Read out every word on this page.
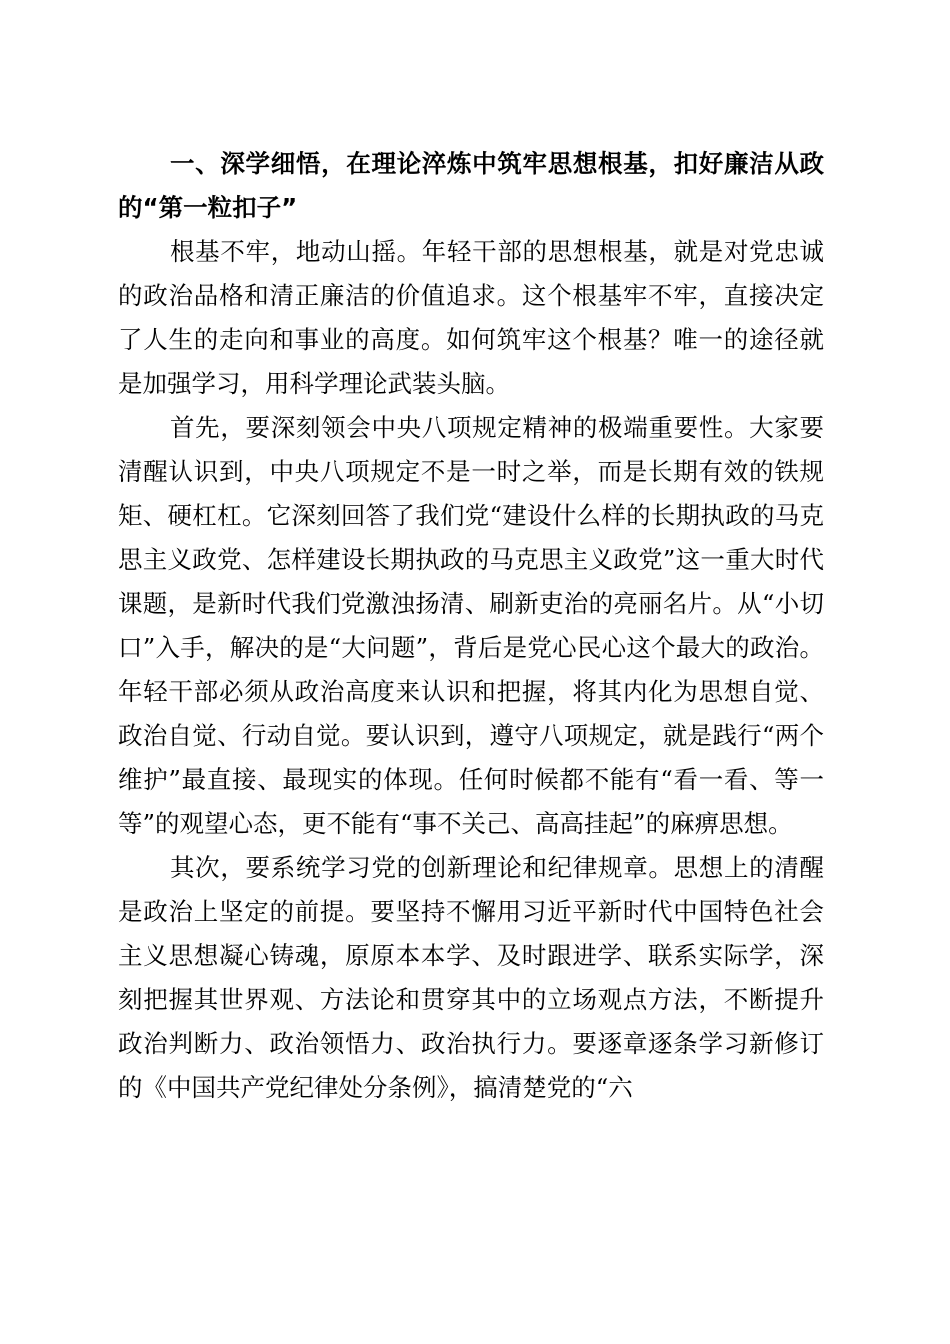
一、深学细悟，在理论淬炼中筑牢思想根基，扣好廉洁从政的“第一粒扣子”

根基不牢，地动山摇。年轻干部的思想根基，就是对党忠诚的政治品格和清正廉洁的价值追求。这个根基牢不牢，直接决定了人生的走向和事业的高度。如何筑牢这个根基？唯一的途径就是加强学习，用科学理论武装头脑。

首先，要深刻领会中央八项规定精神的极端重要性。大家要清醒认识到，中央八项规定不是一时之举，而是长期有效的铁规矩、硬杠杠。它深刻回答了我们党“建设什么样的长期执政的马克思主义政党、怎样建设长期执政的马克思主义政党”这一重大时代课题，是新时代我们党激浊扬清、刷新吏治的亮丽名片。从“小切口”入手，解决的是“大问题”，背后是党心民心这个最大的政治。年轻干部必须从政治高度来认识和把握，将其内化为思想自觉、政治自觉、行动自觉。要认识到，遵守八项规定，就是践行“两个维护”最直接、最现实的体现。任何时候都不能有“看一看、等一等”的观望心态，更不能有“事不关己、高高挂起”的麻痹思想。

其次，要系统学习党的创新理论和纪律规章。思想上的清醒是政治上坚定的前提。要坚持不懈用习近平新时代中国特色社会主义思想凝心铸魂，原原本本学、及时跟进学、联系实际学，深刻把握其世界观、方法论和贯穿其中的立场观点方法，不断提升政治判断力、政治领悟力、政治执行力。要逐章逐条学习新修订的《中国共产党纪律处分条例》，搞清楚党的“六
